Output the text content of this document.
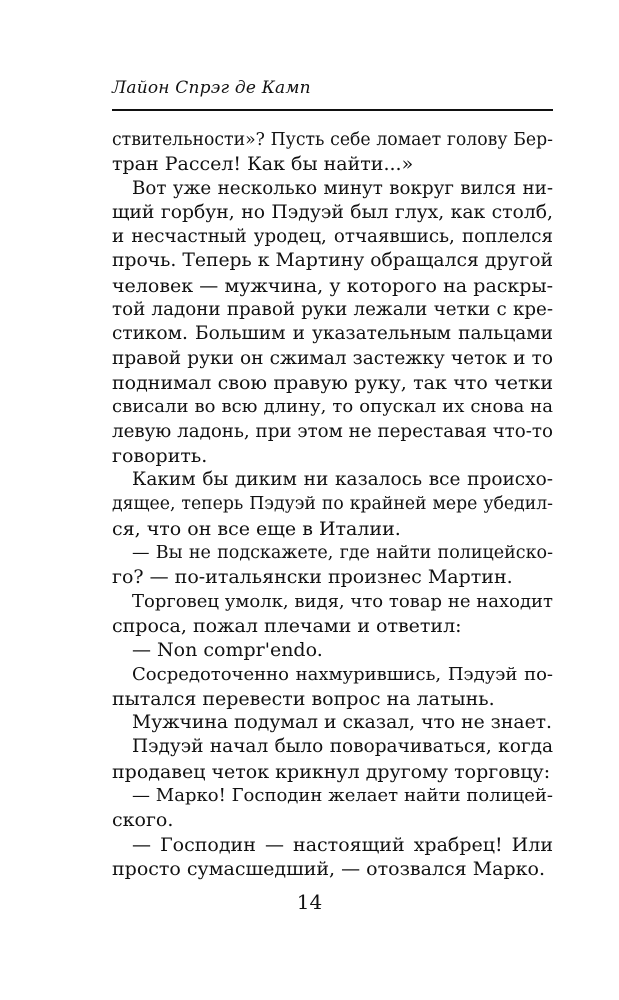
Лайон Спрэг де Камп
ствительности»? Пусть себе ломает голову Бер-
тран Рассел! Как бы найти...»
Вот уже несколько минут вокруг вился ни-
щий горбун, но Пэдуэй был глух, как столб,
и несчастный уродец, отчаявшись, поплелся
прочь. Теперь к Мартину обращался другой
человек — мужчина, у которого на раскры-
той ладони правой руки лежали четки с кре-
стиком. Большим и указательным пальцами
правой руки он сжимал застежку четок и то
поднимал свою правую руку, так что четки
свисали во всю длину, то опускал их снова на
левую ладонь, при этом не переставая что-то
говорить.
Каким бы диким ни казалось все происхо-
дящее, теперь Пэдуэй по крайней мере убедил-
ся, что он все еще в Италии.
— Вы не подскажете, где найти полицейско-
го? — по-итальянски произнес Мартин.
Торговец умолк, видя, что товар не находит
спроса, пожал плечами и ответил:
— Non compr'endo.
Сосредоточенно нахмурившись, Пэдуэй по-
пытался перевести вопрос на латынь.
Мужчина подумал и сказал, что не знает.
Пэдуэй начал было поворачиваться, когда
продавец четок крикнул другому торговцу:
— Марко! Господин желает найти полицей-
ского.
— Господин — настоящий храбрец! Или
просто сумасшедший, — отозвался Марко.
14
